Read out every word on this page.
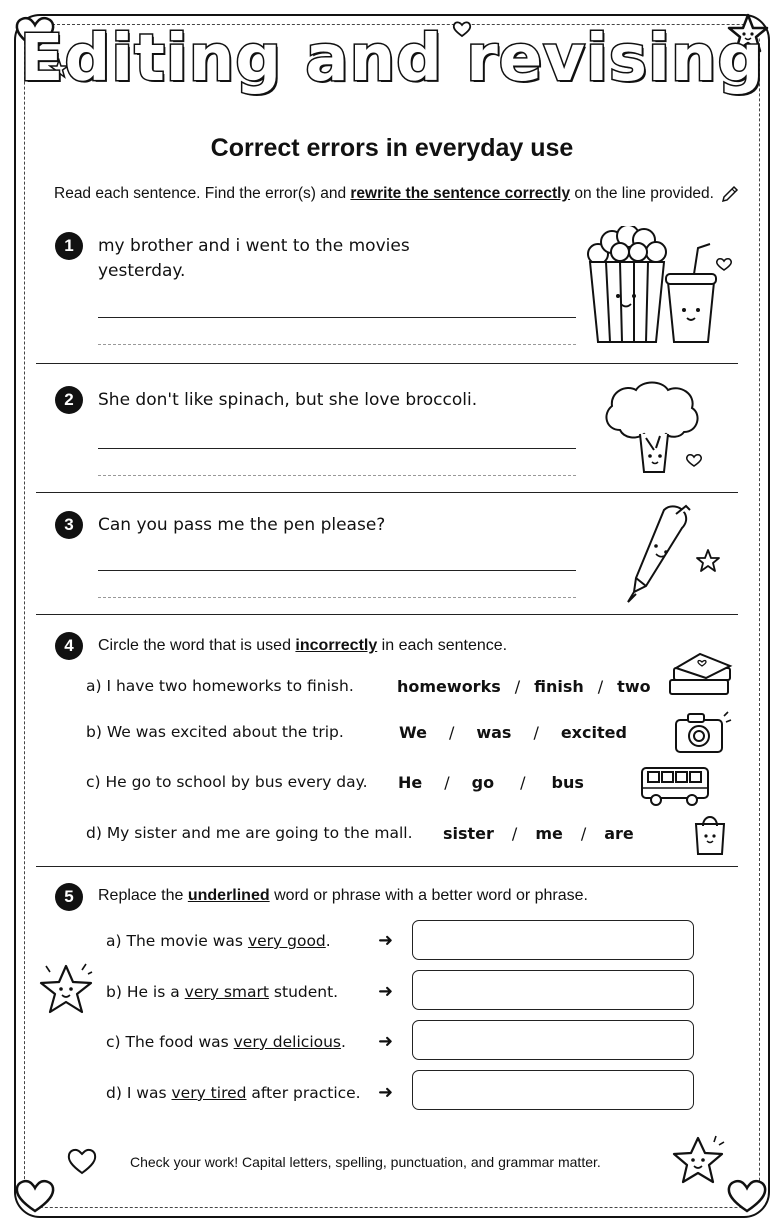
Editing and revising
Correct errors in everyday use
Read each sentence. Find the error(s) and rewrite the sentence correctly on the line provided.
1	my brother and i went to the movies
yesterday.
2	She don't like spinach, but she love broccoli.
3	Can you pass me the pen please?
4	Circle the word that is used incorrectly in each sentence.
a) I have two homeworks to finish.	homeworks / finish / two
b) We was excited about the trip.	We / was / excited
c) He go to school by bus every day. He / go / bus
d) My sister and me are going to the mall. sister / me / are
5	Replace the underlined word or phrase with a better word or phrase.
a) The movie was very good.	➜
b) He is a very smart student. ➜
c) The food was very delicious. ➜
d) I was very tired after practice. ➜
Check your work! Capital letters, spelling, punctuation, and grammar matter.
